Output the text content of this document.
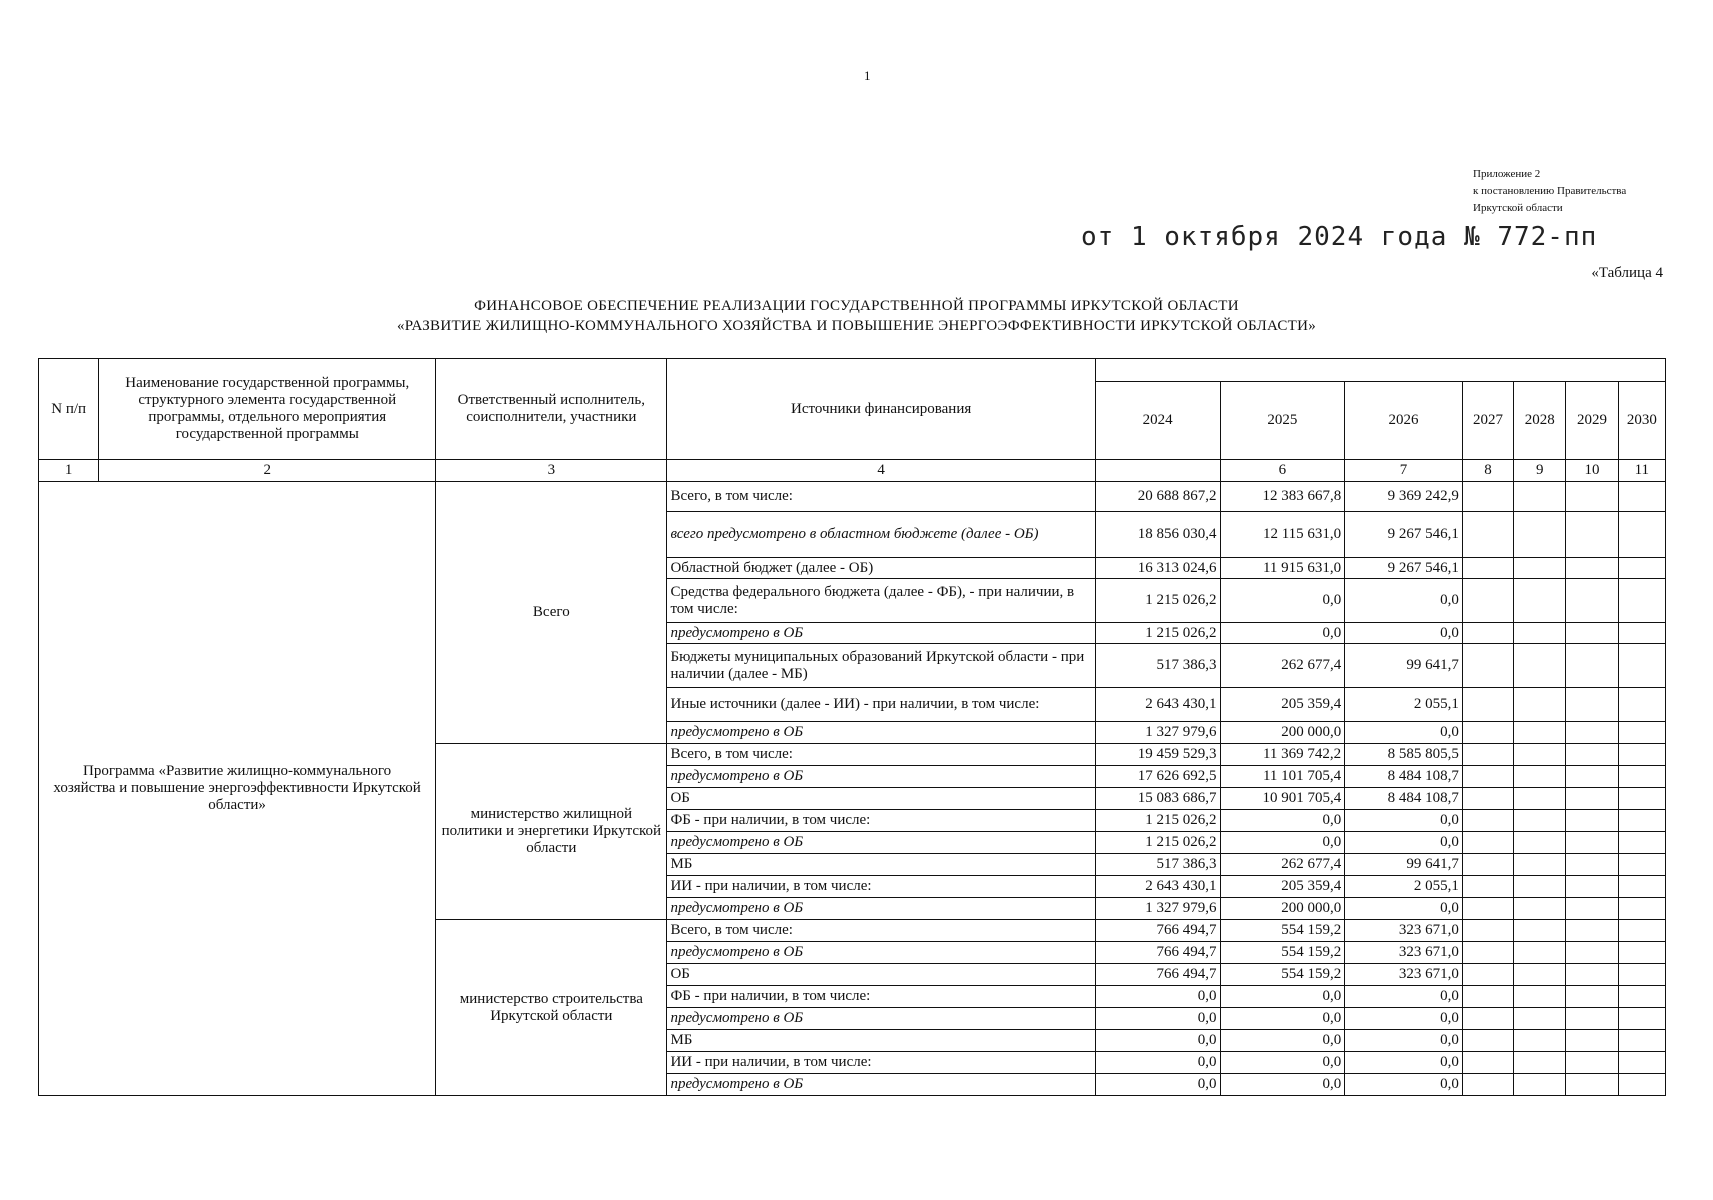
1
Приложение 2
к постановлению Правительства
Иркутской области
от 1 октября 2024 года № 772-пп
«Таблица 4
ФИНАНСОВОЕ ОБЕСПЕЧЕНИЕ РЕАЛИЗАЦИИ ГОСУДАРСТВЕННОЙ ПРОГРАММЫ ИРКУТСКОЙ ОБЛАСТИ
«РАЗВИТИЕ ЖИЛИЩНО-КОММУНАЛЬНОГО ХОЗЯЙСТВА И ПОВЫШЕНИЕ ЭНЕРГОЭФФЕКТИВНОСТИ ИРКУТСКОЙ ОБЛАСТИ»
N п/п	Наименование государственной программы, структурного элемента государственной программы, отдельного мероприятия государственной программы	Ответственный исполнитель, соисполнители, участники	Источники финансирования							
				2024	2025	2026	2027	2028	2029	2030
1	2	3	4		6	7	8	9	10	11
Программа «Развитие жилищно-коммунального хозяйства и повышение энергоэффективности Иркутской области»		Всего	Всего, в том числе:	20 688 867,2	12 383 667,8	9 369 242,9				
			всего предусмотрено в областном бюджете (далее - ОБ)	18 856 030,4	12 115 631,0	9 267 546,1				
			Областной бюджет (далее - ОБ)	16 313 024,6	11 915 631,0	9 267 546,1				
			Средства федерального бюджета (далее - ФБ), - при наличии, в том числе:	1 215 026,2	0,0	0,0				
			предусмотрено в ОБ	1 215 026,2	0,0	0,0				
			Бюджеты муниципальных образований Иркутской области - при наличии (далее - МБ)	517 386,3	262 677,4	99 641,7				
			Иные источники (далее - ИИ) - при наличии, в том числе:	2 643 430,1	205 359,4	2 055,1				
			предусмотрено в ОБ	1 327 979,6	200 000,0	0,0				
		министерство жилищной политики и энергетики Иркутской области	Всего, в том числе:	19 459 529,3	11 369 742,2	8 585 805,5				
			предусмотрено в ОБ	17 626 692,5	11 101 705,4	8 484 108,7				
			ОБ	15 083 686,7	10 901 705,4	8 484 108,7				
			ФБ - при наличии, в том числе:	1 215 026,2	0,0	0,0				
			предусмотрено в ОБ	1 215 026,2	0,0	0,0				
			МБ	517 386,3	262 677,4	99 641,7				
			ИИ - при наличии, в том числе:	2 643 430,1	205 359,4	2 055,1				
			предусмотрено в ОБ	1 327 979,6	200 000,0	0,0				
		министерство строительства Иркутской области	Всего, в том числе:	766 494,7	554 159,2	323 671,0				
			предусмотрено в ОБ	766 494,7	554 159,2	323 671,0				
			ОБ	766 494,7	554 159,2	323 671,0				
			ФБ - при наличии, в том числе:	0,0	0,0	0,0				
			предусмотрено в ОБ	0,0	0,0	0,0				
			МБ	0,0	0,0	0,0				
			ИИ - при наличии, в том числе:	0,0	0,0	0,0				
			предусмотрено в ОБ	0,0	0,0	0,0				
